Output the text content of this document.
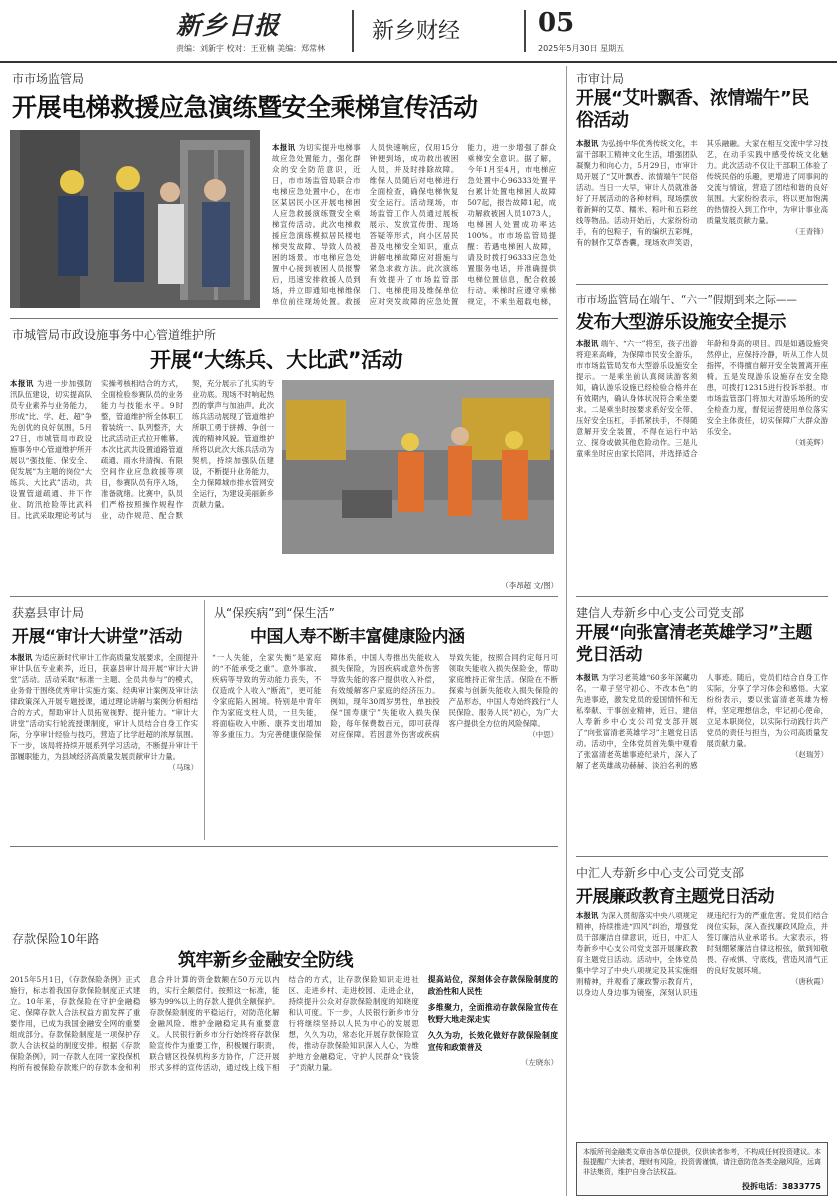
新乡日报
责编：刘新宇 校对：王亚楠 美编：郑常林
新乡财经	05
2025年5月30日 星期五
市市场监管局
开展电梯救援应急演练暨安全乘梯宣传活动
本报讯 为切实提升电梯事故应急处置能力，强化群众的安全防范意识，近日，市市场监管局联合市电梯应急处置中心，在市区某居民小区开展电梯困人应急救援演练暨安全乘梯宣传活动。此次电梯救援应急演练模拟居民楼电梯突发故障、导致人员被困的场景。市电梯应急处置中心接到被困人员报警后，迅速安排救援人员到场，并立即通知电梯维保单位前往现场处置。救援人员快速响应，仅用15分钟便到场，成功救出被困人员，并及时排除故障。维保人员随后对电梯进行全面检查，确保电梯恢复安全运行。活动现场，市场监管工作人员通过展板展示、发放宣传册、现场答疑等形式，向小区居民普及电梯安全知识，重点讲解电梯故障应对措施与紧急求救方法。此次演练有效提升了市场监管部门、电梯使用及维保单位应对突发故障的应急处置能力，进一步增强了群众乘梯安全意识。据了解，今年1月至4月，市电梯应急处置中心96333处置平台累计处置电梯困人故障507起，报告故障1起，成功解救被困人员1073人，电梯困人处置成功率达100%。市市场监管局提醒：若遇电梯困人故障，请及时拨打96333应急处置服务电话，并准确提供电梯位置信息，配合救援行动。乘梯时应遵守乘梯规定，不乘坐超载电梯，
市城管局市政设施事务中心管道维护所
开展“大练兵、大比武”活动
本报讯 为进一步加强防汛队伍建设，切实提高队员专业素养与业务能力，形成“比、学、赶、超”争先创优的良好氛围，5月27日，市城管局市政设施事务中心管道维护所开展以“强技能、保安全、促发展”为主题的岗位“大练兵、大比武”活动，共设置管道疏通、井下作业、防汛抢险等比武科目。比武采取理论考试与实操考核相结合的方式，全面检验参赛队员的业务能力与技能水平。9时整，管道维护所全体职工着装统一、队列整齐，大比武活动正式拉开帷幕。本次比武共设置道路管道疏通、雨水井清掏、有限空间作业应急救援等项目，参赛队员有序入场，准备就绪。比赛中，队员们严格按照操作规程作业，动作规范、配合默契，充分展示了扎实的专业功底。现场不时响起热烈的掌声与加油声。此次练兵活动展现了管道维护所职工勇于拼搏、争创一流的精神风貌。管道维护所将以此次大练兵活动为契机，持续加强队伍建设，不断提升业务能力，全力保障城市排水管网安全运行，为建设美丽新乡贡献力量。
（李昂超 文/图）
获嘉县审计局
开展“审计大讲堂”活动
本报讯 为适应新时代审计工作高质量发展要求，全面提升审计队伍专业素养，近日，获嘉县审计局开展“审计大讲堂”活动。活动采取“标准一主题、全员共参与”的模式，业务骨干围绕优秀审计实施方案、经典审计案例及审计法律政策深入开展专题授课，通过理论讲解与案例分析相结合的方式，帮助审计人员拓宽视野、提升能力。“审计大讲堂”活动实行轮流授课制度，审计人员结合自身工作实际，分享审计经验与技巧，营造了比学赶超的浓厚氛围。下一步，该局将持续开展系列学习活动，不断提升审计干部履职能力，为县域经济高质量发展贡献审计力量。
（马珠）
从“保疾病”到“保生活”
中国人寿不断丰富健康险内涵
“一人失能，全家失衡”是家庭的“不能承受之重”。意外事故、疾病等导致的劳动能力丧失，不仅造成个人收入“断流”，更可能令家庭陷入困境。特别是中青年作为家庭支柱人员，一旦失能，将面临收入中断、康养支出增加等多重压力。为完善健康保险保障体系，中国人寿推出失能收入损失保险，为因疾病或意外伤害导致失能的客户提供收入补偿，有效缓解客户家庭的经济压力。例如，现年30周岁男性，单独投保“国寿康宁”失能收入损失保险，每年保费数百元，即可获得对应保障。若因意外伤害或疾病导致失能，按照合同约定每月可领取失能收入损失保险金，帮助家庭维持正常生活。保险在不断探索与创新失能收入损失保险的产品形态，中国人寿始终践行“人民保险、服务人民”初心，为广大客户提供全方位的风险保障。
（中思）
存款保险10年路
筑牢新乡金融安全防线
2015年5月1日，《存款保险条例》正式施行，标志着我国存款保险制度正式建立。10年来，存款保险在守护金融稳定、保障存款人合法权益方面发挥了重要作用，已成为我国金融安全网的重要组成部分。存款保险制度是一项保护存款人合法权益的制度安排。根据《存款保险条例》，同一存款人在同一家投保机构所有被保险存款账户的存款本金和利息合并计算的资金数额在50万元以内的，实行全额偿付。按照这一标准，能够为99%以上的存款人提供全额保护。存款保险制度的平稳运行，对防范化解金融风险、维护金融稳定具有重要意义。人民银行新乡市分行始终将存款保险宣传作为重要工作，积极履行职责，联合辖区投保机构多方协作，广泛开展形式多样的宣传活动，通过线上线下相结合的方式，让存款保险知识走进社区、走进乡村、走进校园、走进企业，持续提升公众对存款保险制度的知晓度和认可度。下一步，人民银行新乡市分行将继续坚持以人民为中心的发展思想，久久为功，常态化开展存款保险宣传，推动存款保险知识深入人心，为维护地方金融稳定、守护人民群众“钱袋子”贡献力量。
提高站位，深刻体会存款保险制度的政治性和人民性
多维聚力，全面推动存款保险宣传在牧野大地走深走实
久久为功，长效化做好存款保险制度宣传和政策普及
（左晓东）
市审计局
开展“艾叶飘香、浓情端午”民俗活动
本报讯 为弘扬中华优秀传统文化，丰富干部职工精神文化生活，增强团队凝聚力和向心力，5月29日，市审计局开展了“艾叶飘香、浓情端午”民俗活动。当日一大早，审计人员就准备好了开展活动的各种材料，现场摆放着新鲜的艾草、糯米、粽叶和五彩丝线等物品。活动开始后，大家纷纷动手，有的包粽子，有的编织五彩绳，有的制作艾草香囊，现场欢声笑语，其乐融融。大家在相互交流中学习技艺，在动手实践中感受传统文化魅力。此次活动不仅让干部职工体验了传统民俗的乐趣，更增进了同事间的交流与情谊，营造了团结和谐的良好氛围。大家纷纷表示，将以更加饱满的热情投入到工作中，为审计事业高质量发展贡献力量。
（王青锋）
市市场监管局在端午、“六一”假期到来之际——
发布大型游乐设施安全提示
本报讯 端午、“六一”将至，孩子出游将迎来高峰，为保障市民安全游乐，市市场监管局发布大型游乐设施安全提示。一是乘坐前认真阅读游客须知，确认游乐设施已经检验合格并在有效期内，确认身体状况符合乘坐要求。二是乘坐时按要求系好安全带、压好安全压杠，手抓紧扶手，不得随意解开安全装置，不得在运行中站立、探身或做其他危险动作。三是儿童乘坐时应由家长陪同，并选择适合年龄和身高的项目。四是如遇设施突然停止，应保持冷静，听从工作人员指挥，不得擅自解开安全装置离开座椅。五是发现游乐设施存在安全隐患，可拨打12315进行投诉举报。市市场监管部门将加大对游乐场所的安全检查力度，督促运营使用单位落实安全主体责任，切实保障广大群众游乐安全。
（刘美辉）
建信人寿新乡中心支公司党支部
开展“向张富清老英雄学习”主题党日活动
本报讯 为学习老英雄“60多年深藏功名，一辈子坚守初心、不改本色”的先进事迹，激发党员的爱国情怀和无私奉献、干事创业精神，近日，建信人寿新乡中心支公司党支部开展了“向张富清老英雄学习”主题党日活动。活动中，全体党员首先集中观看了张富清老英雄事迹纪录片，深入了解了老英雄战功赫赫、淡泊名利的感人事迹。随后，党员们结合自身工作实际，分享了学习体会和感悟。大家纷纷表示，要以张富清老英雄为榜样，坚定理想信念，牢记初心使命，立足本职岗位，以实际行动践行共产党员的责任与担当，为公司高质量发展贡献力量。
（赵瑞芳）
中汇人寿新乡中心支公司党支部
开展廉政教育主题党日活动
本报讯 为深入贯彻落实中央八项规定精神，持续推进“四风”纠治，增强党员干部廉洁自律意识，近日，中汇人寿新乡中心支公司党支部开展廉政教育主题党日活动。活动中，全体党员集中学习了中央八项规定及其实施细则精神，并观看了廉政警示教育片，以身边人身边事为镜鉴，深刻认识违规违纪行为的严重危害。党员们结合岗位实际，深入查找廉政风险点，并签订廉洁从业承诺书。大家表示，将时刻绷紧廉洁自律这根弦，做到知敬畏、存戒惧、守底线，营造风清气正的良好发展环境。
（唐秋霞）
本版所刊金融类文章由各单位提供，仅供读者参考，不构成任何投资建议。本报提醒广大读者，理财有风险，投资需谨慎，请注意防范各类金融风险，远离非法集资，维护自身合法权益。
投拆电话：3833775
